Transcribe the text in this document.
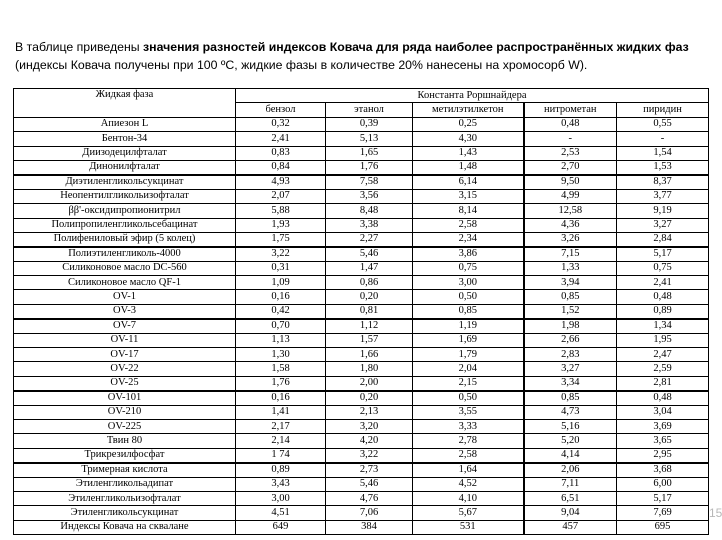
В таблице приведены значения разностей индексов Ковача для ряда наиболее распространённых жидких фаз (индексы Ковача получены при 100 ºС, жидкие фазы в количестве 20% нанесены на хромосорб W).
Жидкая фаза	Константа Роршнайдера				
	бензол	этанол	метилэтилкетон	нитрометан	пиридин
Апиезон L	0,32	0,39	0,25	0,48	0,55
Бентон-34	2,41	5,13	4,30	-	-
Диизодецилфталат	0,83	1,65	1,43	2,53	1,54
Динонилфталат	0,84	1,76	1,48	2,70	1,53
Диэтиленгликольсукцинат	4,93	7,58	6,14	9,50	8,37
Неопентилгликольизофталат	2,07	3,56	3,15	4,99	3,77
ββ'-оксидипропионитрил	5,88	8,48	8,14	12,58	9,19
Полипропиленгликольсебацинат	1,93	3,38	2,58	4,36	3,27
Полифениловый эфир (5 колец)	1,75	2,27	2,34	3,26	2,84
Полиэтиленгликоль-4000	3,22	5,46	3,86	7,15	5,17
Силиконовое масло DC-560	0,31	1,47	0,75	1,33	0,75
Силиконовое масло QF-1	1,09	0,86	3,00	3,94	2,41
OV-1	0,16	0,20	0,50	0,85	0,48
OV-3	0,42	0,81	0,85	1,52	0,89
OV-7	0,70	1,12	1,19	1,98	1,34
OV-11	1,13	1,57	1,69	2,66	1,95
OV-17	1,30	1,66	1,79	2,83	2,47
OV-22	1,58	1,80	2,04	3,27	2,59
OV-25	1,76	2,00	2,15	3,34	2,81
OV-101	0,16	0,20	0,50	0,85	0,48
OV-210	1,41	2,13	3,55	4,73	3,04
OV-225	2,17	3,20	3,33	5,16	3,69
Твин 80	2,14	4,20	2,78	5,20	3,65
Трикрезилфосфат	1 74	3,22	2,58	4,14	2,95
Тримерная кислота	0,89	2,73	1,64	2,06	3,68
Этиленгликольадипат	3,43	5,46	4,52	7,11	6,00
Этиленгликольизофталат	3,00	4,76	4,10	6,51	5,17
Этиленгликольсукцинат	4,51	7,06	5,67	9,04	7,69
Индексы Ковача на сквалане	649	384	531	457	695
15
